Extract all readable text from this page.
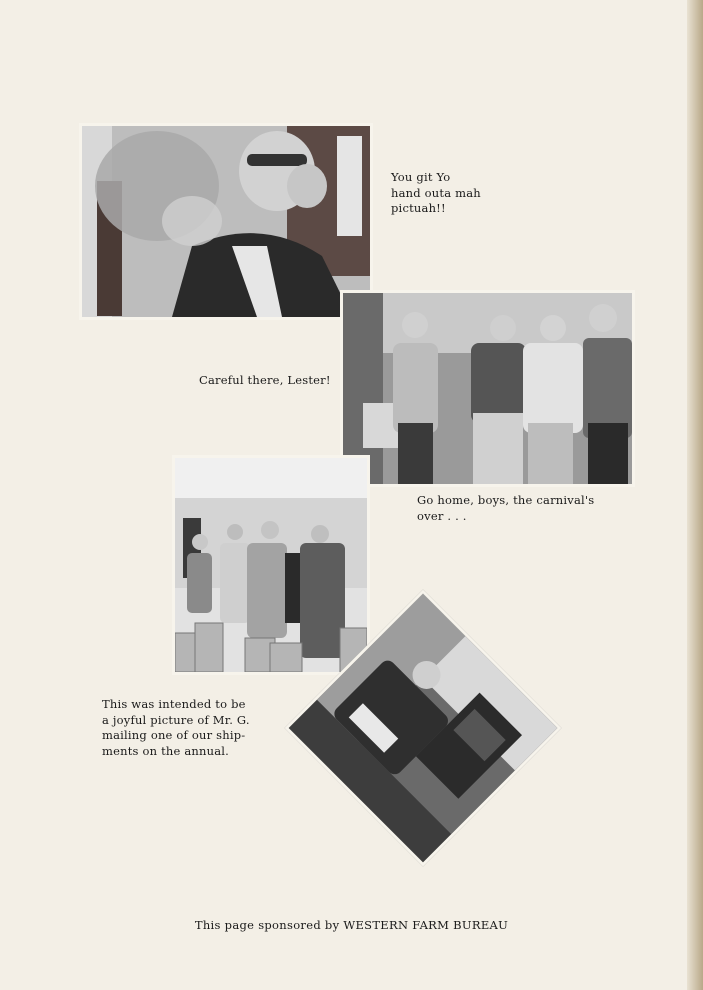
You git Yo
hand outa mah
pictuah!!
Careful there, Lester!
Go home, boys, the carnival's
over . . .
This was intended to be
a joyful picture of Mr. G.
mailing one of our ship-
ments on the annual.
This page sponsored by WESTERN FARM BUREAU
